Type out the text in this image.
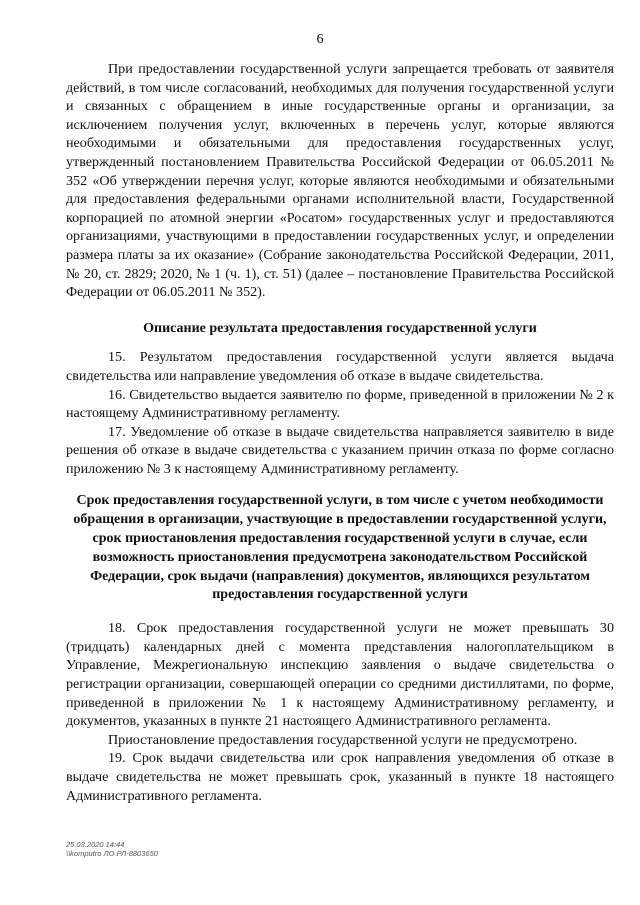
6

При предоставлении государственной услуги запрещается требовать от заявителя действий, в том числе согласований, необходимых для получения государственной услуги и связанных с обращением в иные государственные органы и организации, за исключением получения услуг, включенных в перечень услуг, которые являются необходимыми и обязательными для предоставления государственных услуг, утвержденный постановлением Правительства Российской Федерации от 06.05.2011 № 352 «Об утверждении перечня услуг, которые являются необходимыми и обязательными для предоставления федеральными органами исполнительной власти, Государственной корпорацией по атомной энергии «Росатом» государственных услуг и предоставляются организациями, участвующими в предоставлении государственных услуг, и определении размера платы за их оказание» (Собрание законодательства Российской Федерации, 2011, № 20, ст. 2829; 2020, № 1 (ч. 1), ст. 51) (далее – постановление Правительства Российской Федерации от 06.05.2011 № 352).

Описание результата предоставления государственной услуги

15. Результатом предоставления государственной услуги является выдача свидетельства или направление уведомления об отказе в выдаче свидетельства.

16. Свидетельство выдается заявителю по форме, приведенной в приложении № 2 к настоящему Административному регламенту.

17. Уведомление об отказе в выдаче свидетельства направляется заявителю в виде решения об отказе в выдаче свидетельства с указанием причин отказа по форме согласно приложению № 3 к настоящему Административному регламенту.

Срок предоставления государственной услуги, в том числе с учетом необходимости обращения в организации, участвующие в предоставлении государственной услуги, срок приостановления предоставления государственной услуги в случае, если возможность приостановления предусмотрена законодательством Российской Федерации, срок выдачи (направления) документов, являющихся результатом предоставления государственной услуги

18. Срок предоставления государственной услуги не может превышать 30 (тридцать) календарных дней с момента представления налогоплательщиком в Управление, Межрегиональную инспекцию заявления о выдаче свидетельства о регистрации организации, совершающей операции со средними дистиллятами, по форме, приведенной в приложении № 1 к настоящему Административному регламенту, и документов, указанных в пункте 21 настоящего Административного регламента.

Приостановление предоставления государственной услуги не предусмотрено.

19. Срок выдачи свидетельства или срок направления уведомления об отказе в выдаче свидетельства не может превышать срок, указанный в пункте 18 настоящего Административного регламента.

25.03.2020 14:44
\\komputro ЛО.РЛ-8803650
